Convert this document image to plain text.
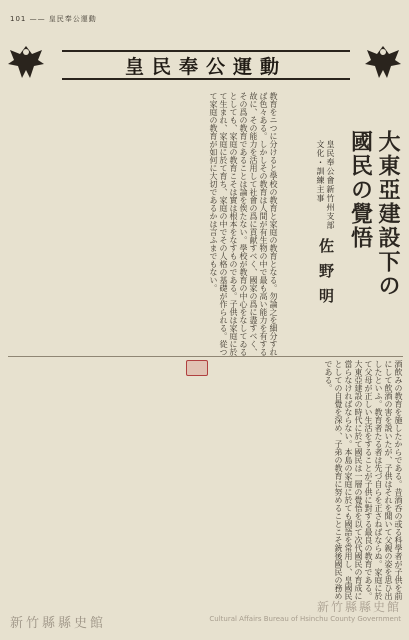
101 —— 皇民奉公運動
皇民奉公運動
大東亞建設下の
國民の覺悟
皇民奉公會新竹州支部 文化・訓練主事
佐野明
教育をニつに分けると學校の教育と家庭の教育となる。勿論之を細分すれば色々ある。しかしその教育は人間が有生物の中で最も高い能力を有する故に、その能力を活用して社會の爲に貢献すべく、國家の爲に盡すべく、その爲の教育であることは論を俟たない。學校が教育の中心をなしてゐるとしても、家庭の教育こそは實は根本をなすものである。子供は家庭に於て生まれ、家庭に於て育ち、家庭の中でその人格の基礎が作られる。從つて家庭の教育が如何に大切であるかは言ふまでもない。
酒飲みの教育を施したからである。昔酒呑の或る科學者が子供を前にして飲酒の害を説いたが、子供はそれを聞いて父親の姿を思ひ出したといふ。教育者たる者は先づ自らを正さねばならぬ。家庭に於て父母が正しい生活をすることが子供に對する最良の教育である。大東亞建設の時代に於て國民は一層の覺悟を以て次代國民の育成に當らなければならない。本島の家庭に於ても國語を常用し、皇國民としての自覺を深め、子弟の教育に努めることこそ銃後國民の務めである。
新竹縣縣史館
新竹縣縣史館
Cultural Affairs Bureau of Hsinchu County Government
